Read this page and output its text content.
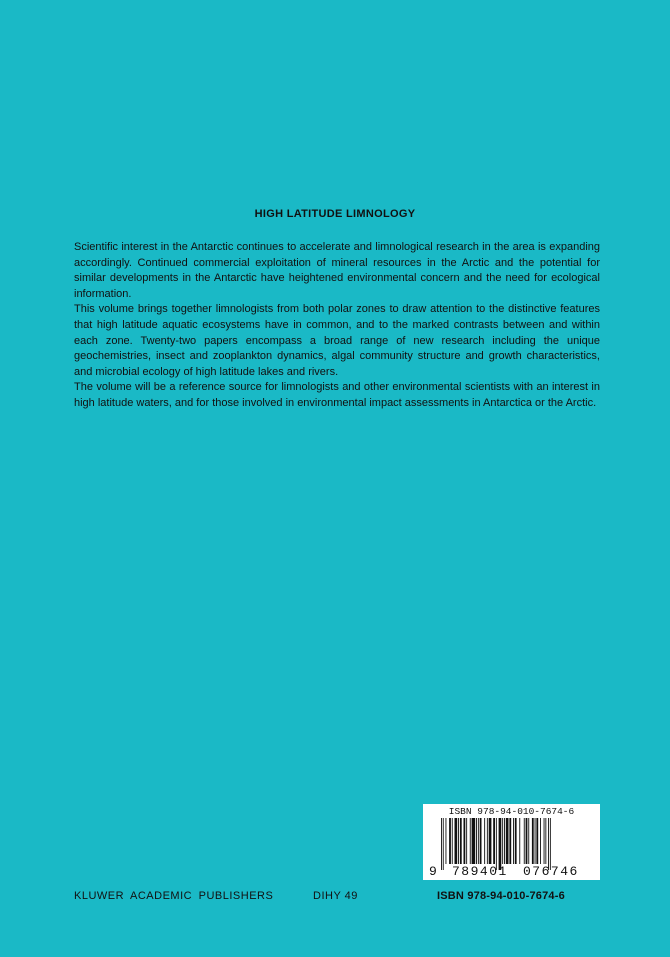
HIGH LATITUDE LIMNOLOGY

Scientific interest in the Antarctic continues to accelerate and limnological research in the area is expanding accordingly. Continued commercial exploitation of mineral resources in the Arctic and the potential for similar developments in the Antarctic have heightened environmental concern and the need for ecological information.

This volume brings together limnologists from both polar zones to draw attention to the distinctive features that high latitude aquatic ecosystems have in common, and to the marked contrasts between and within each zone. Twenty-two papers encompass a broad range of new research including the unique geochemistries, insect and zooplankton dynamics, algal community structure and growth characteristics, and microbial ecology of high latitude lakes and rivers.

The volume will be a reference source for limnologists and other environmental scientists with an interest in high latitude waters, and for those involved in environmental impact assessments in Antarctica or the Arctic.

ISBN 978-94-010-7674-6
9 789401 076746
KLUWER ACADEMIC PUBLISHERS	DIHY 49	ISBN 978-94-010-7674-6
